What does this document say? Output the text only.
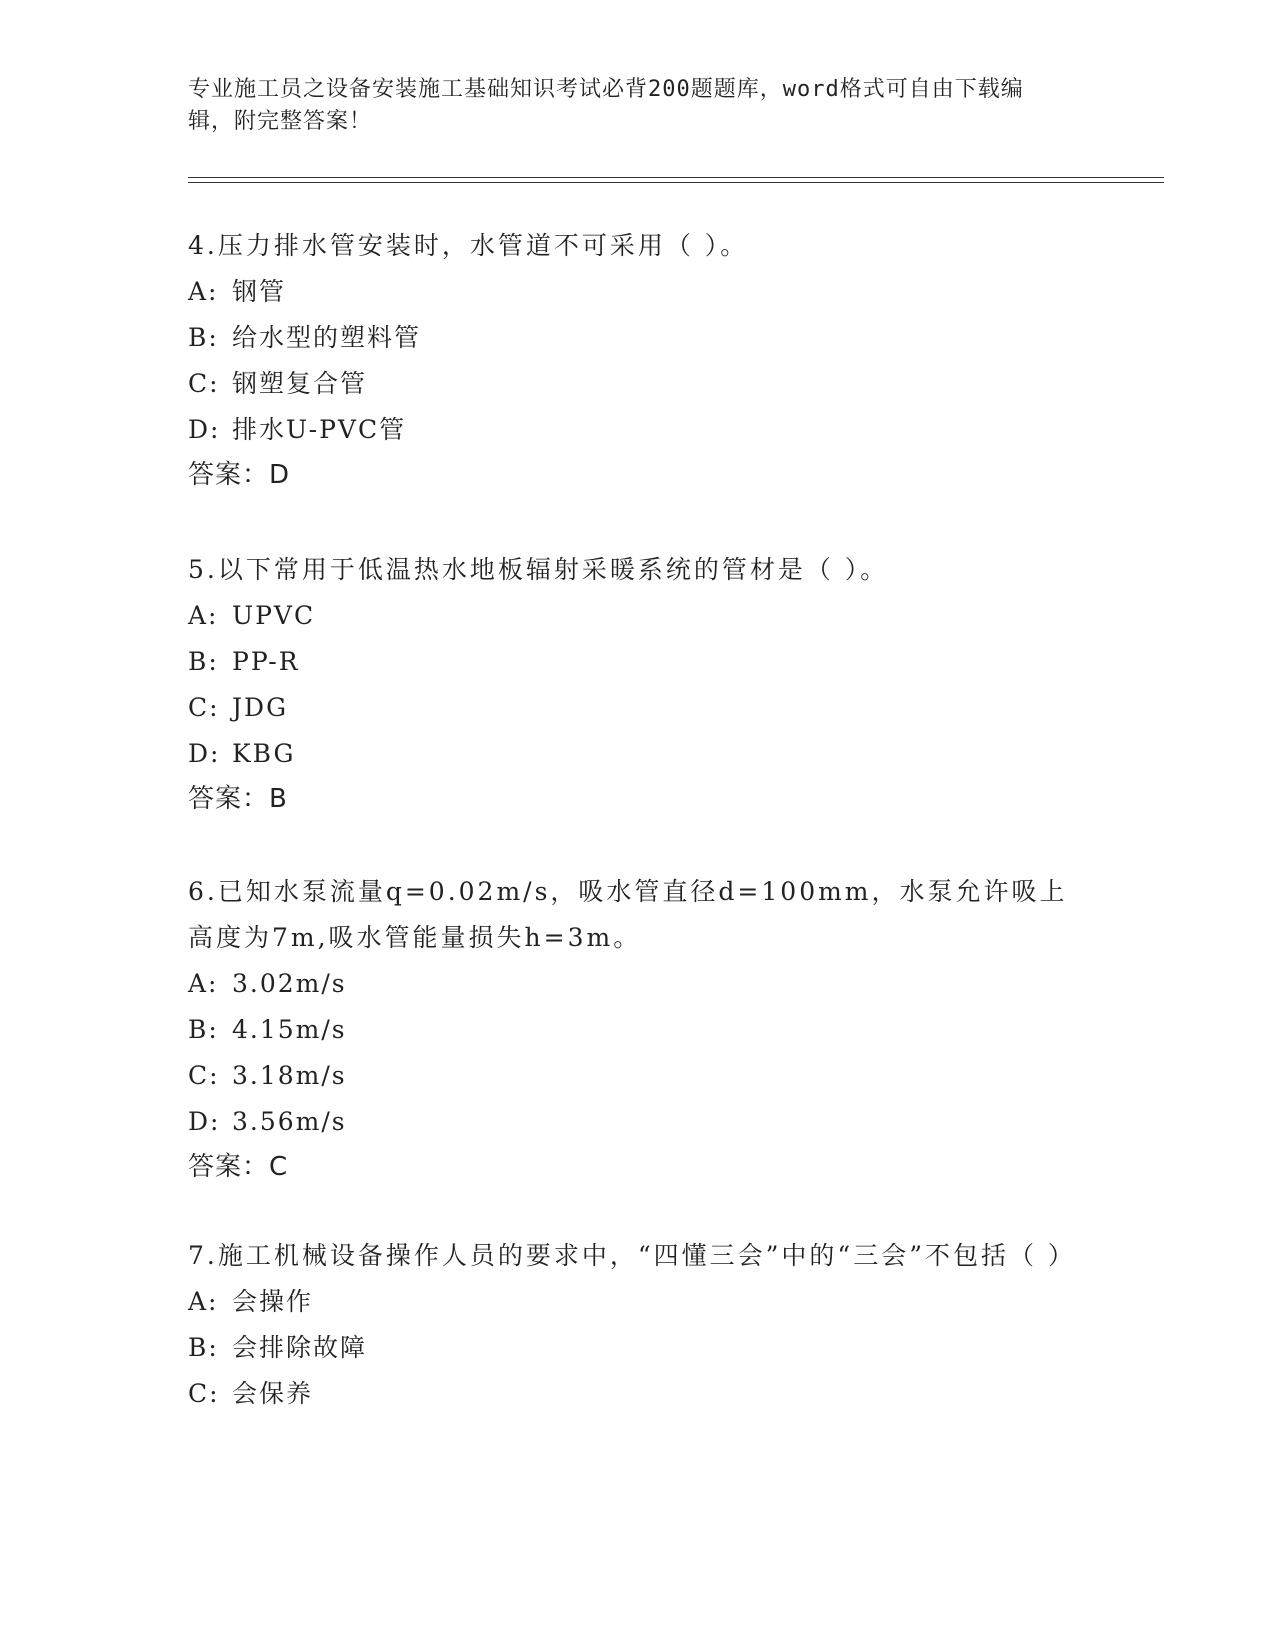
专业施工员之设备安装施工基础知识考试必背200题题库，word格式可自由下载编辑，附完整答案！

4.压力排水管安装时，水管道不可采用（ ）。

A: 钢管

B: 给水型的塑料管

C: 钢塑复合管

D: 排水U-PVC管

答案：D

5.以下常用于低温热水地板辐射采暖系统的管材是（ ）。

A: UPVC

B: PP-R

C: JDG

D: KBG

答案：B

6.已知水泵流量q=0.02m/s，吸水管直径d=100mm，水泵允许吸上高度为7m,吸水管能量损失h=3m。

A: 3.02m/s

B: 4.15m/s

C: 3.18m/s

D: 3.56m/s

答案：C

7.施工机械设备操作人员的要求中，“四懂三会”中的“三会”不包括（ ）

A: 会操作

B: 会排除故障

C: 会保养
